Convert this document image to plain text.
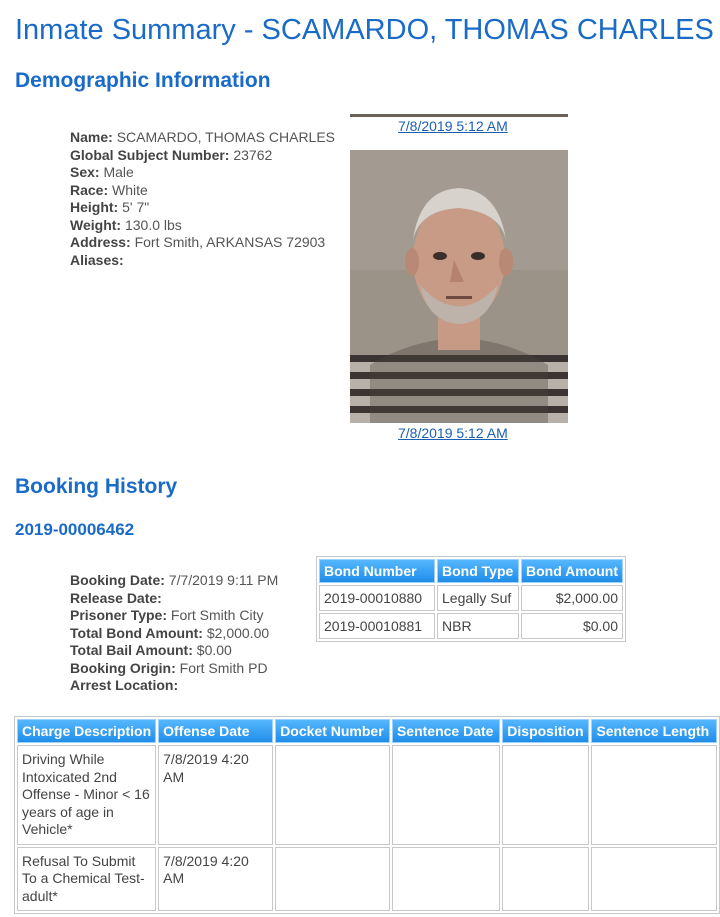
Inmate Summary - SCAMARDO, THOMAS CHARLES
Demographic Information
Name: SCAMARDO, THOMAS CHARLES
Global Subject Number: 23762
Sex: Male
Race: White
Height: 5' 7"
Weight: 130.0 lbs
Address: Fort Smith, ARKANSAS 72903
Aliases:
7/8/2019 5:12 AM
7/8/2019 5:12 AM
Booking History
2019-00006462
Booking Date: 7/7/2019 9:11 PM
Release Date:
Prisoner Type: Fort Smith City
Total Bond Amount: $2,000.00
Total Bail Amount: $0.00
Booking Origin: Fort Smith PD
Arrest Location:
Bond Number	Bond Type	Bond Amount
2019-00010880	Legally Suf	$2,000.00
2019-00010881	NBR	$0.00
Charge Description	Offense Date	Docket Number	Sentence Date	Disposition	Sentence Length
Driving While Intoxicated 2nd Offense - Minor < 16 years of age in Vehicle*	7/8/2019 4:20 AM				
Refusal To Submit To a Chemical Test-adult*	7/8/2019 4:20 AM				
